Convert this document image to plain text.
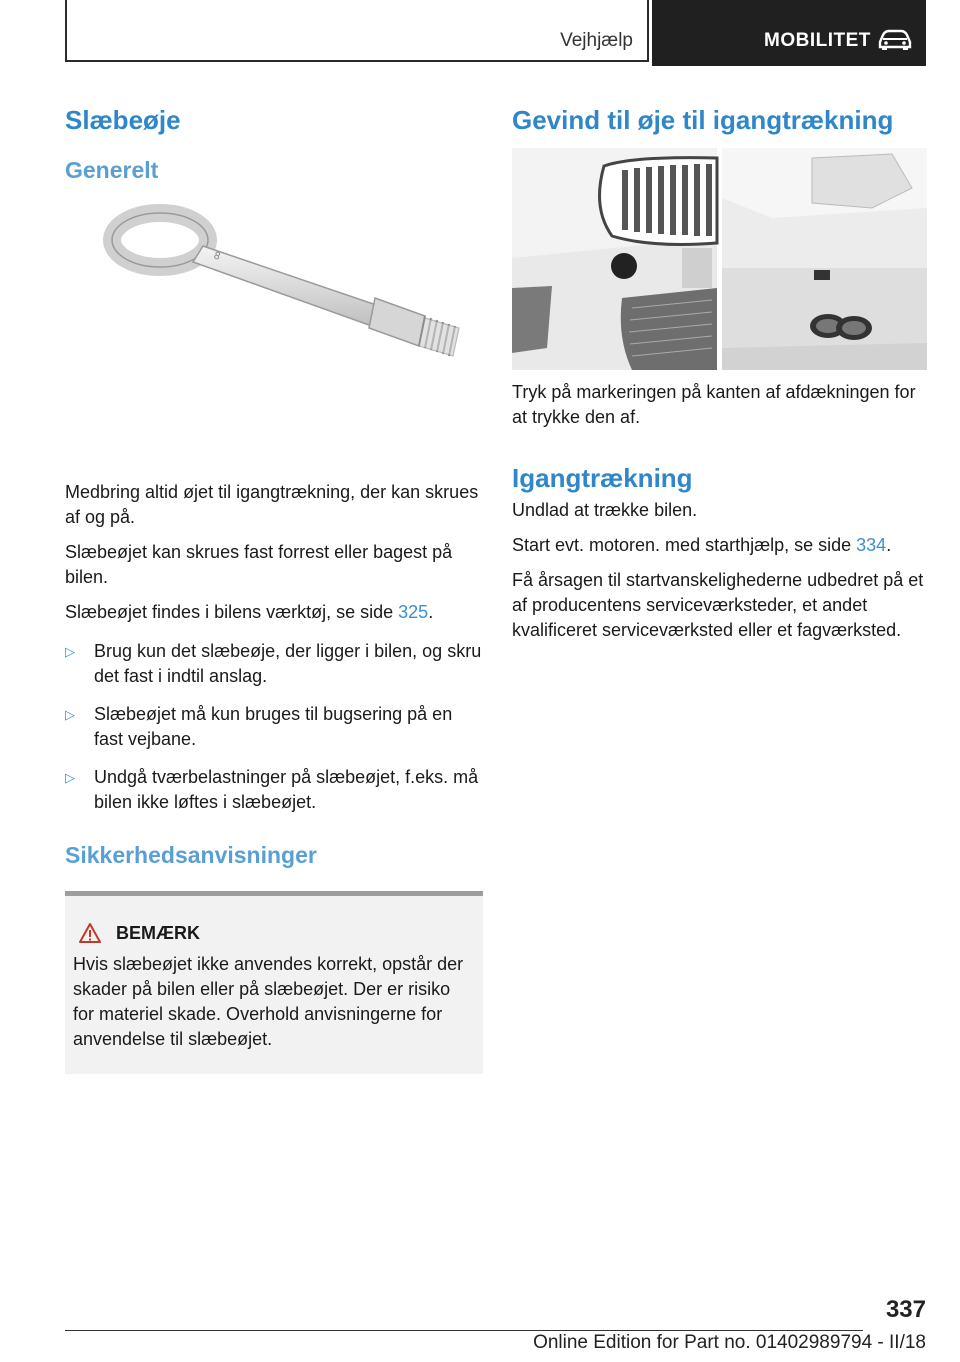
Vejhjælp	MOBILITET
Slæbeøje
Generelt
8

Medbring altid øjet til igangtrækning, der kan skrues af og på.

Slæbeøjet kan skrues fast forrest eller bagest på bilen.

Slæbeøjet findes i bilens værktøj, se side 325.

▷ Brug kun det slæbeøje, der ligger i bilen, og skru det fast i indtil anslag.
▷ Slæbeøjet må kun bruges til bugsering på en fast vejbane.
▷ Undgå tværbelastninger på slæbeøjet, f.eks. må bilen ikke løftes i slæbeøjet.
Sikkerhedsanvisninger
BEMÆRK

Hvis slæbeøjet ikke anvendes korrekt, opstår der skader på bilen eller på slæbeøjet. Der er risiko for materiel skade. Overhold anvisningerne for anvendelse til slæbeøjet.

Gevind til øje til igangtrækning

Tryk på markeringen på kanten af afdækningen for at trykke den af.

Igangtrækning

Undlad at trække bilen.

Start evt. motoren. med starthjælp, se side 334.

Få årsagen til startvanskelighederne udbedret på et af producentens serviceværksteder, et andet kvalificeret serviceværksted eller et fagværksted.

337
Online Edition for Part no. 01402989794 - II/18
